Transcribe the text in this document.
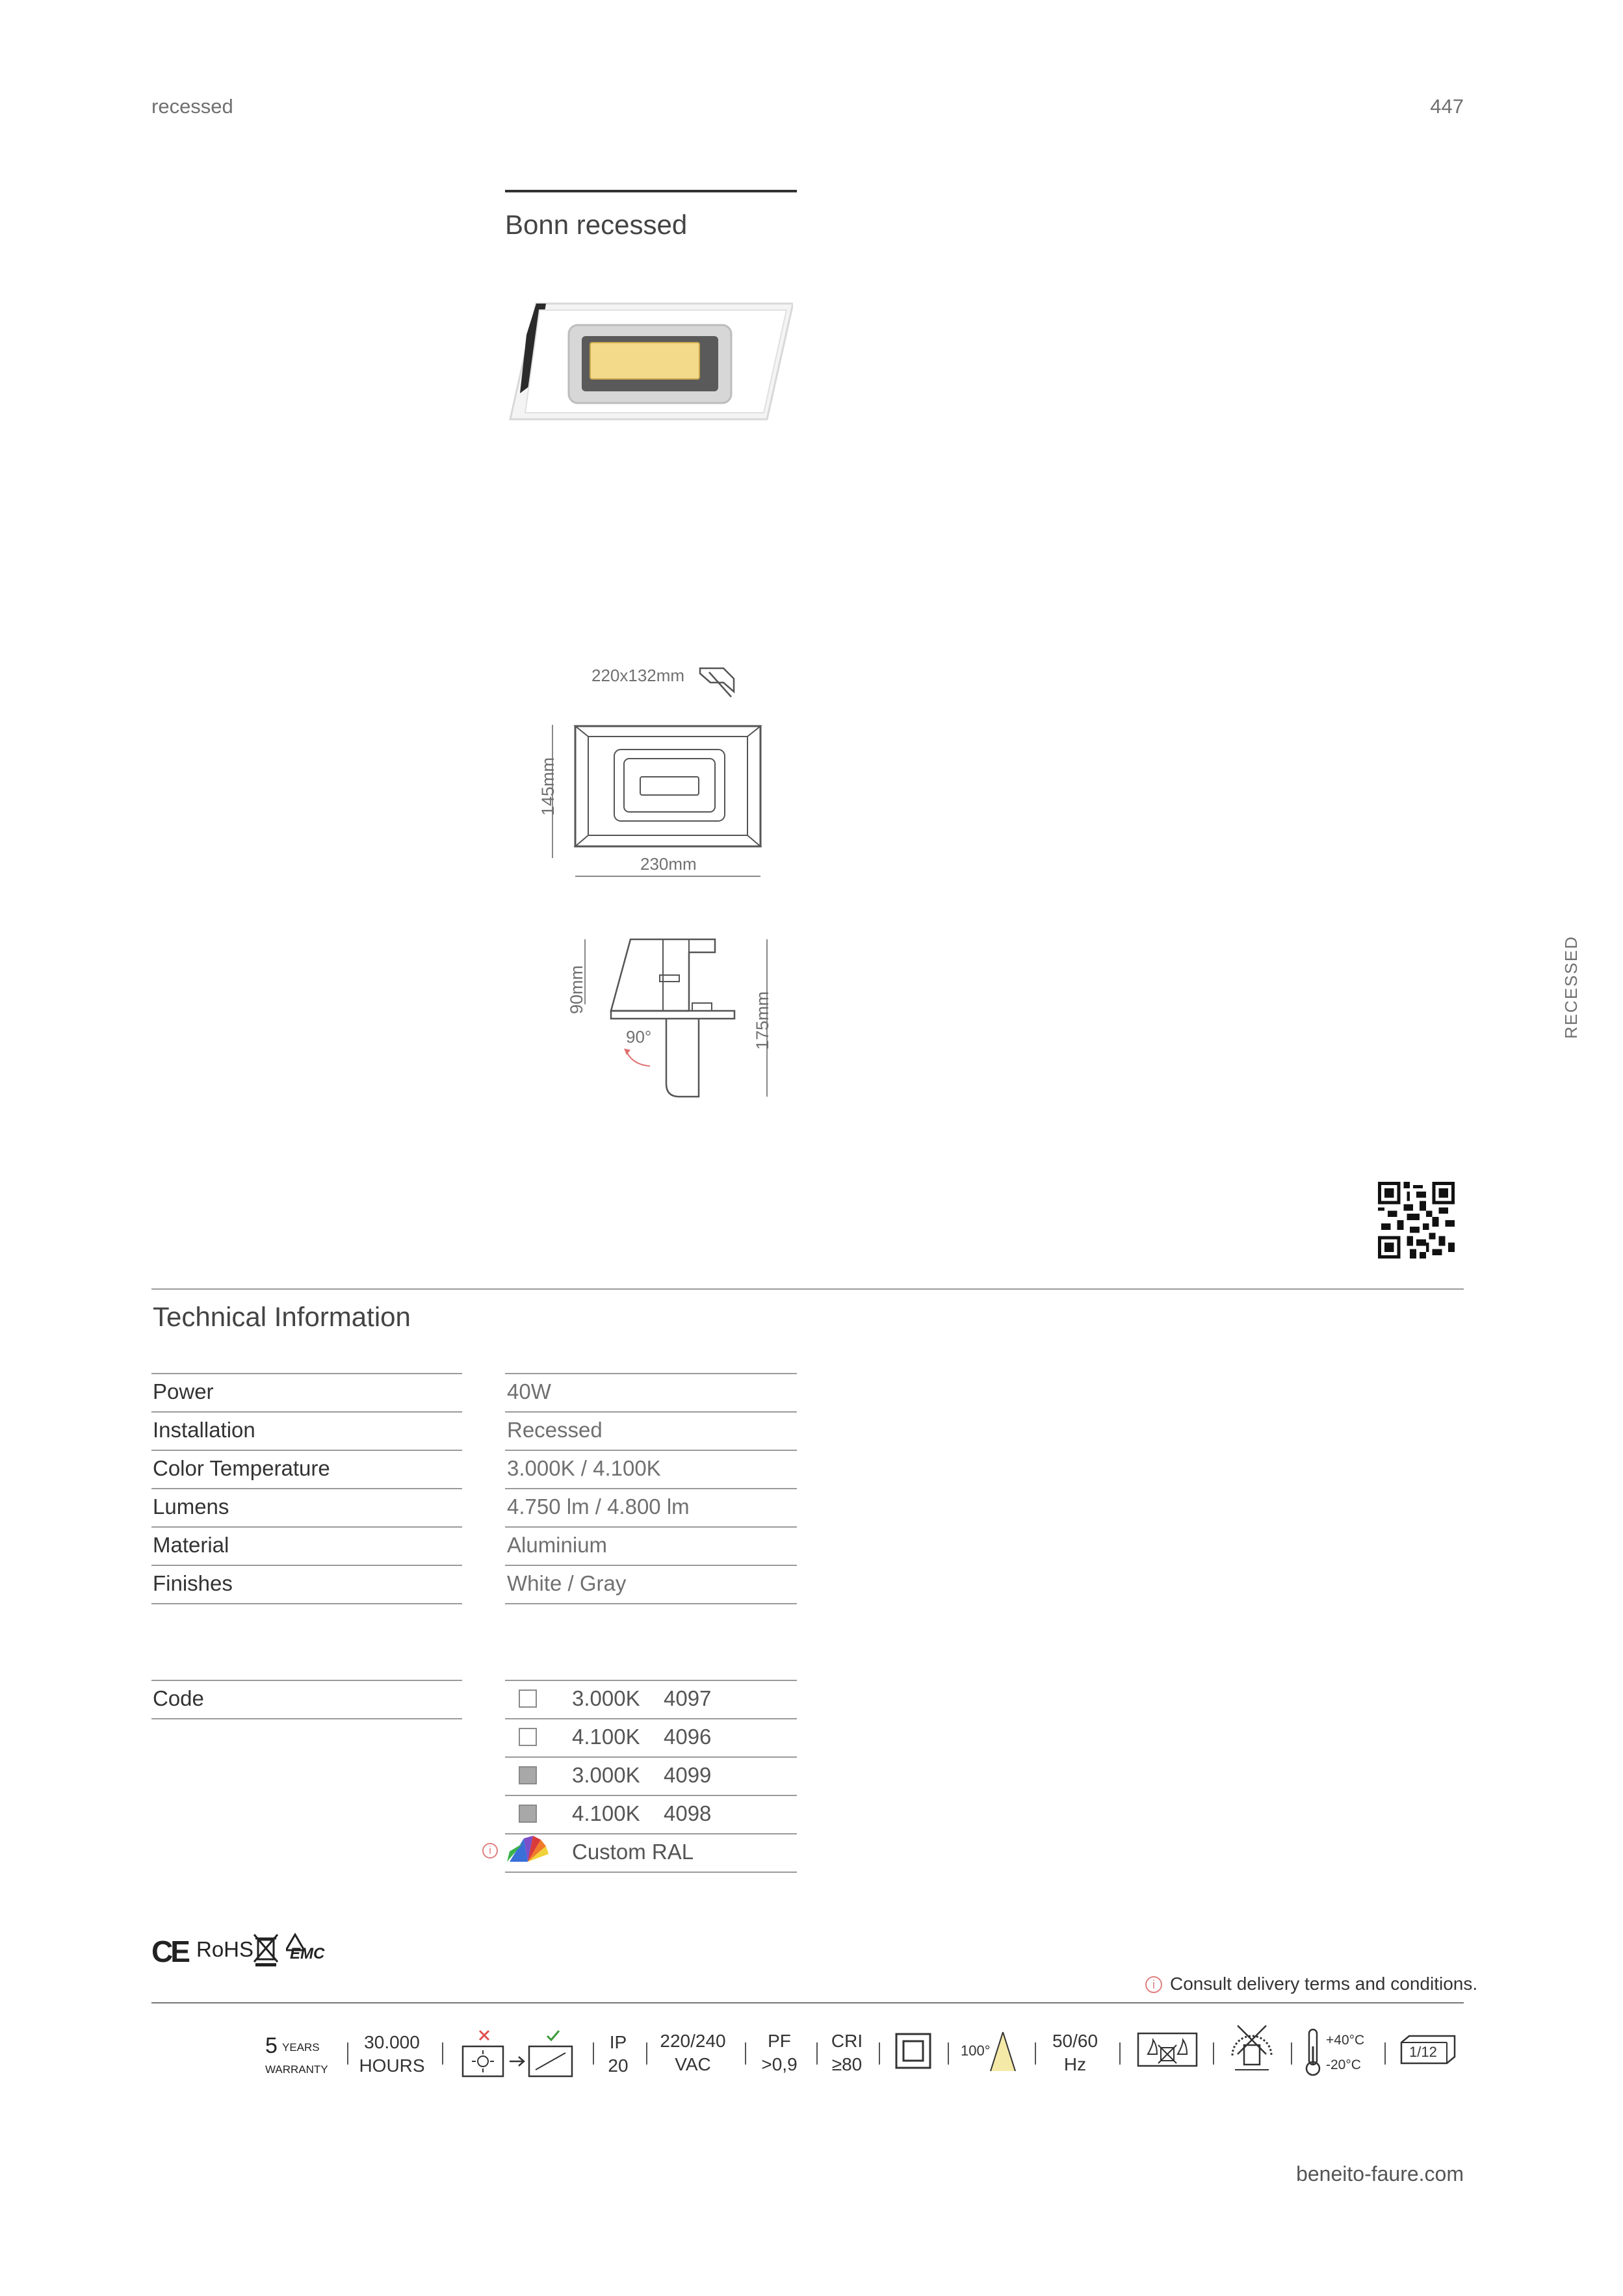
recessed	447
Bonn recessed
220x132mm
145mm
230mm
90mm
175mm
90°	RECESSED
Technical Information
Power	40W
Installation	Recessed
Color Temperature	3.000K / 4.100K
Lumens	4.750 lm / 4.800 lm
Material	Aluminium
Finishes	White / Gray
Code	3.000K 4097
4.100K 4096
3.000K 4099
4.100K 4098
i	Custom RAL
CE RoHS EMC
i Consult delivery terms and conditions.
5 YEARS
WARRANTY
30.000
HOURS
IP
20
220/240
VAC
PF
>0,9
CRI
≥80
100°	50/60
Hz
+40°C
-20°C
1/12
beneito-faure.com
